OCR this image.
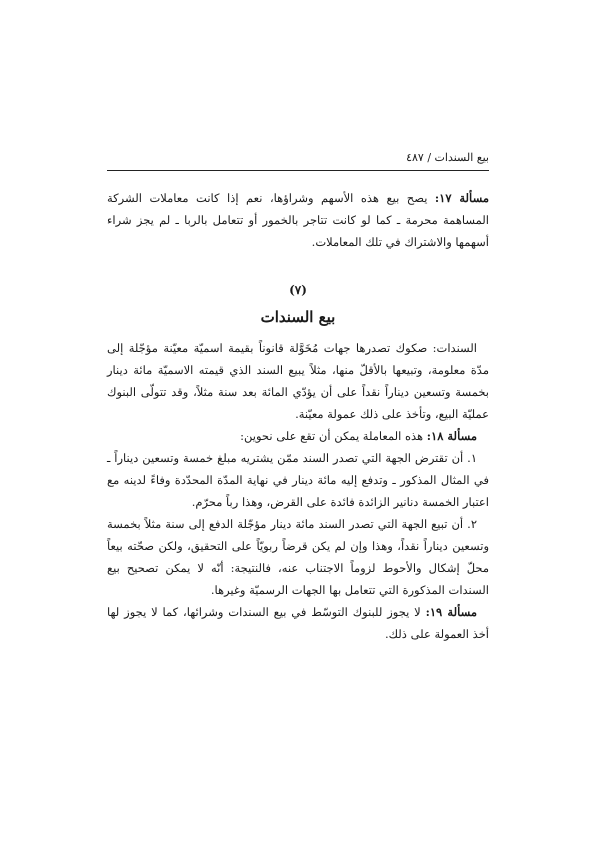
بيع السندات / ٤٨٧

مسألة ١٧: يصح بيع هذه الأسهم وشراؤها، نعم إذا كانت معاملات الشركة المساهمة محرمة ـ كما لو كانت تتاجر بالخمور أو تتعامل بالربا ـ لم يجز شراء أسهمها والاشتراك في تلك المعاملات.

(٧)
بيع السندات

السندات: صكوك تصدرها جهات مُخَوَّلة قانوناً بقيمة اسميّة معيّنة مؤجّلة إلى مدّة معلومة، وتبيعها بالأقلّ منها، مثلاً يبيع السند الذي قيمته الاسميّة مائة دينار بخمسة وتسعين ديناراً نقداً على أن يؤدّي المائة بعد سنة مثلاً، وقد تتولّى البنوك عمليّة البيع، وتأخذ على ذلك عمولة معيّنة.

مسألة ١٨: هذه المعاملة يمكن أن تقع على نحوين:

١. أن تقترض الجهة التي تصدر السند ممّن يشتريه مبلغ خمسة وتسعين ديناراً ـ في المثال المذكور ـ وتدفع إليه مائة دينار في نهاية المدّة المحدّدة وفاءً لدينه مع اعتبار الخمسة دنانير الزائدة فائدة على القرض، وهذا رباً محرّم.

٢. أن تبيع الجهة التي تصدر السند مائة دينار مؤجّلة الدفع إلى سنة مثلاً بخمسة وتسعين ديناراً نقداً، وهذا وإن لم يكن قرضاً ربويّاً على التحقيق، ولكن صحّته بيعاً محلّ إشكال والأحوط لزوماً الاجتناب عنه، فالنتيجة: أنّه لا يمكن تصحيح بيع السندات المذكورة التي تتعامل بها الجهات الرسميّة وغيرها.

مسألة ١٩: لا يجوز للبنوك التوسّط في بيع السندات وشرائها، كما لا يجوز لها أخذ العمولة على ذلك.
